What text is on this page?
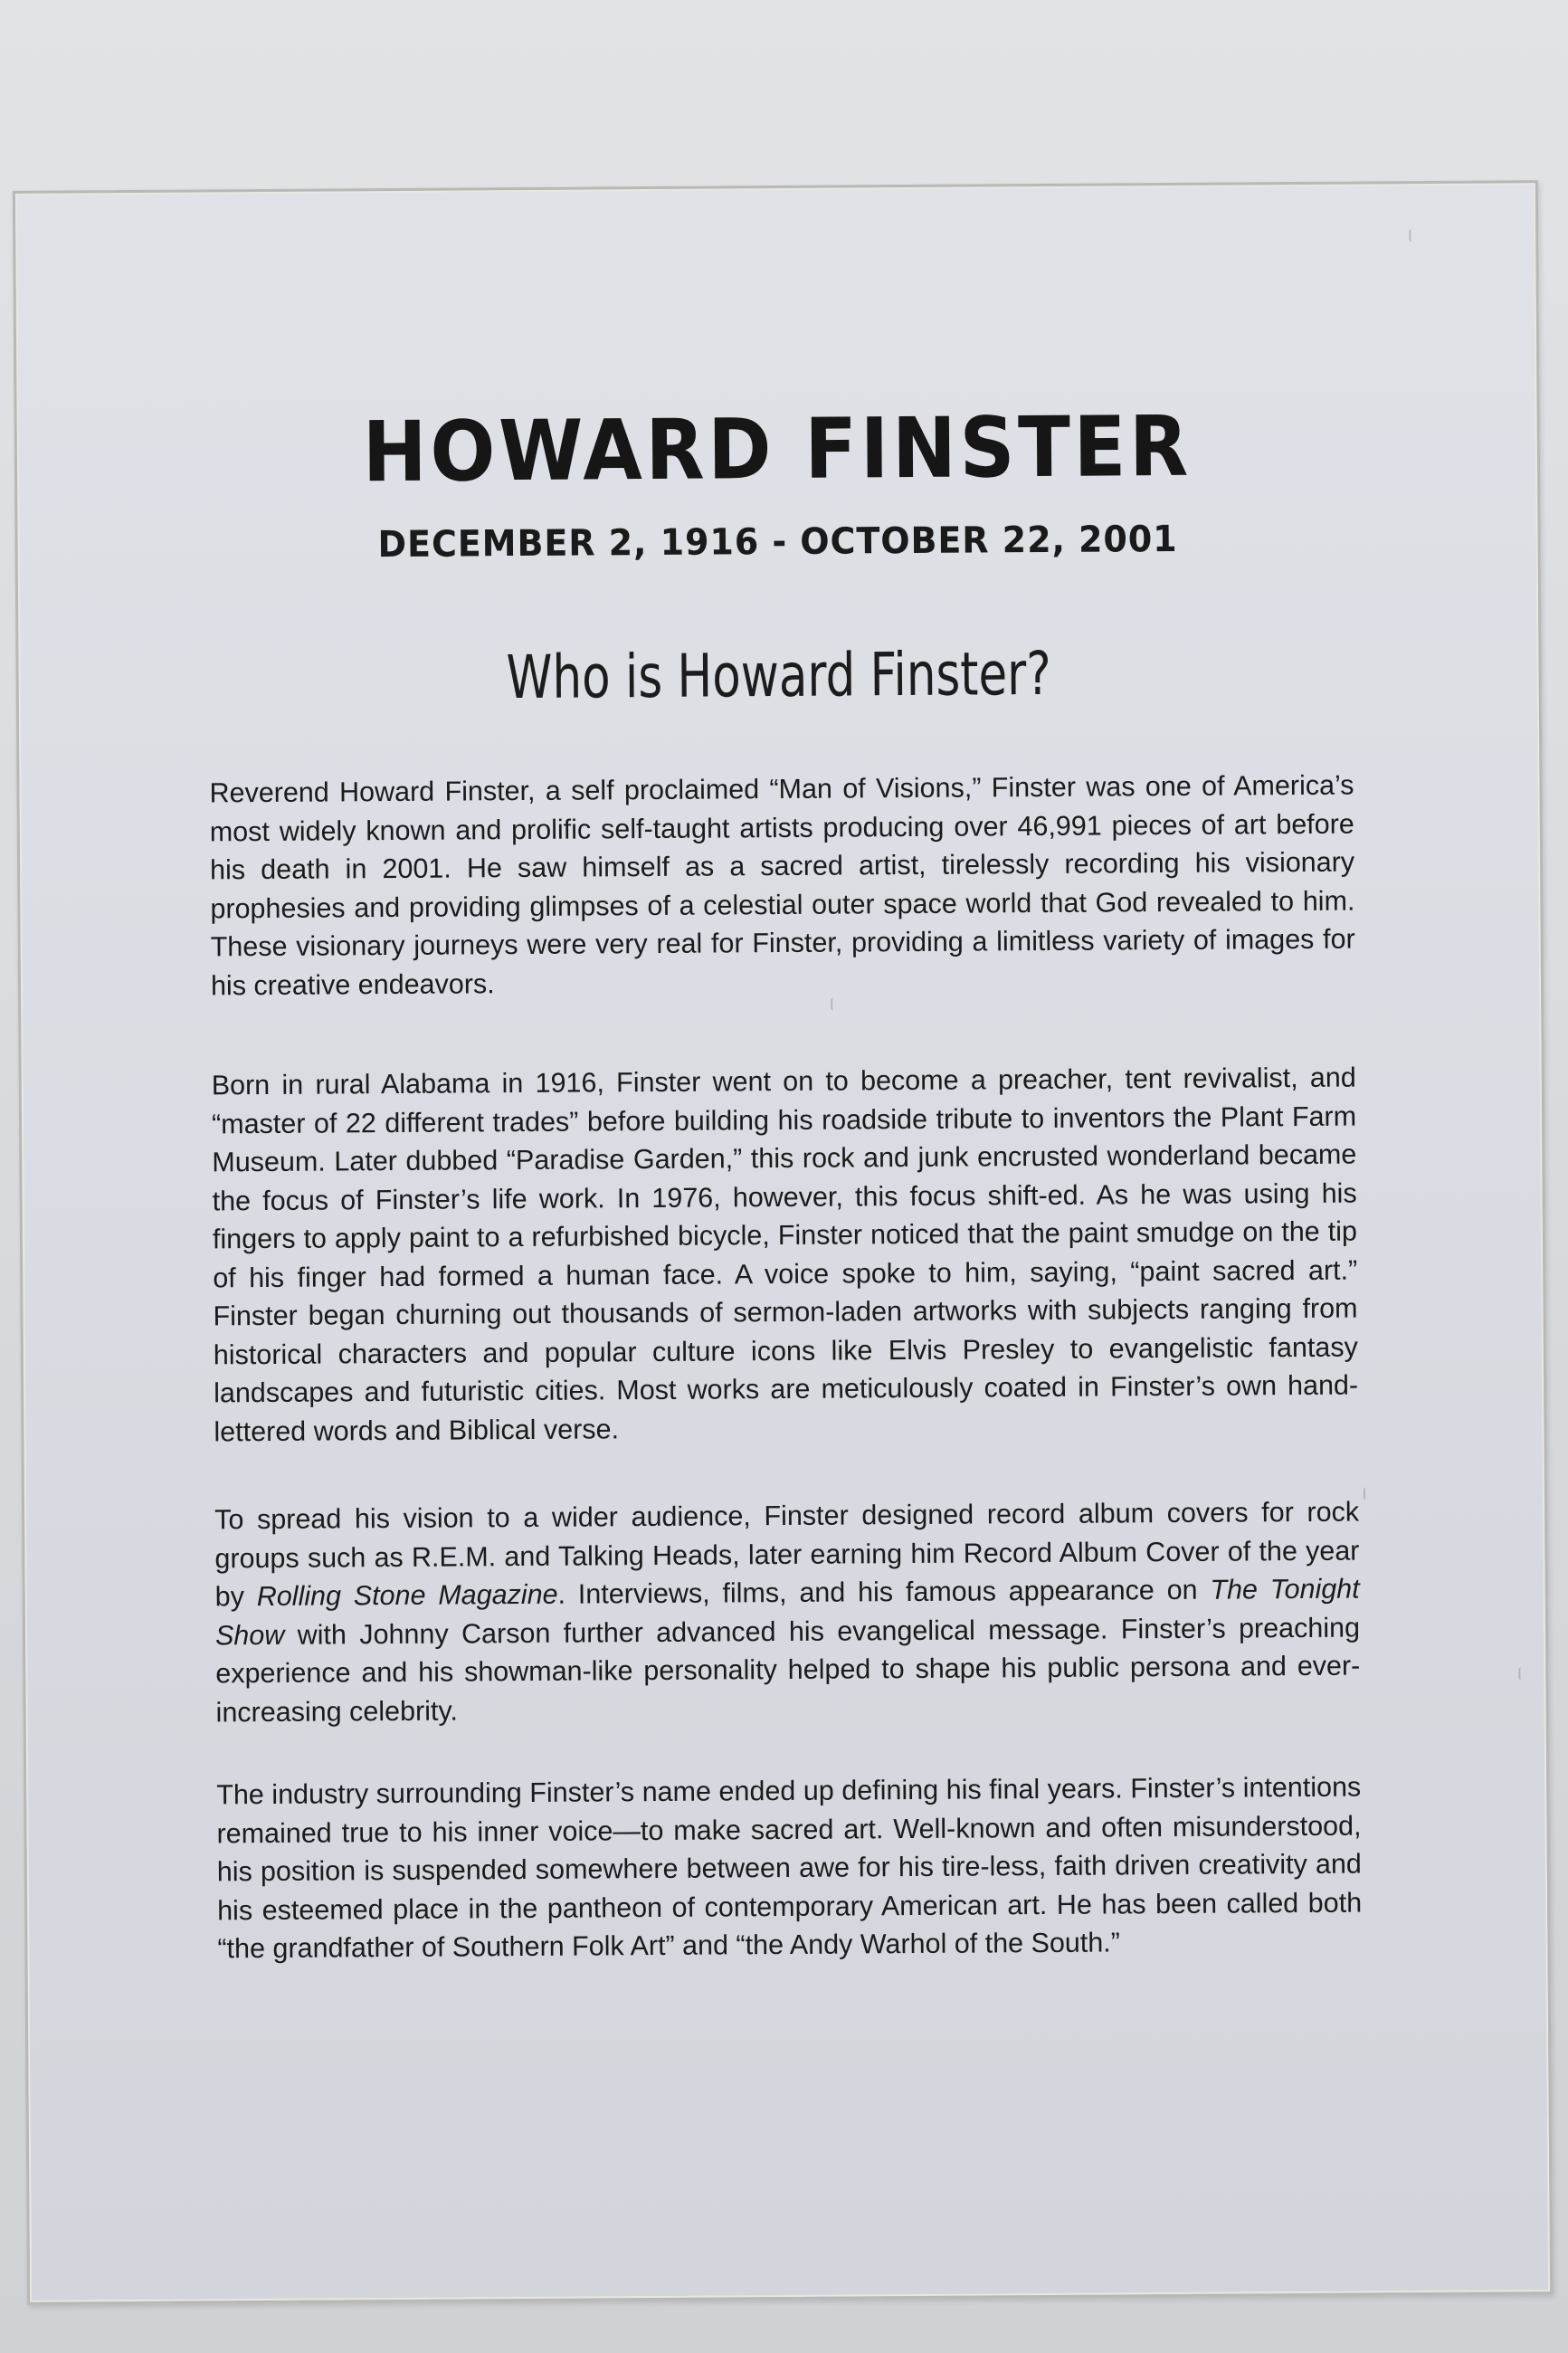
HOWARD FINSTER
DECEMBER 2, 1916 - OCTOBER 22, 2001
Who is Howard Finster?

Reverend Howard Finster, a self proclaimed “Man of Visions,” Finster was one of America’s most widely known and prolific self-taught artists producing over 46,991 pieces of art before his death in 2001. He saw himself as a sacred artist, tirelessly recording his visionary prophesies and providing glimpses of a celestial outer space world that God revealed to him. These visionary journeys were very real for Finster, providing a limitless variety of images for his creative endeavors.

Born in rural Alabama in 1916, Finster went on to become a preacher, tent revivalist, and “master of 22 different trades” before building his roadside tribute to inventors the Plant Farm Museum. Later dubbed “Paradise Garden,” this rock and junk encrusted wonderland became the focus of Finster’s life work. In 1976, however, this focus shift-ed. As he was using his fingers to apply paint to a refurbished bicycle, Finster noticed that the paint smudge on the tip of his finger had formed a human face. A voice spoke to him, saying, “paint sacred art.” Finster began churning out thousands of sermon-laden artworks with subjects ranging from historical characters and popular culture icons like Elvis Presley to evangelistic fantasy landscapes and futuristic cities. Most works are meticulously coated in Finster’s own hand-lettered words and Biblical verse.

To spread his vision to a wider audience, Finster designed record album covers for rock groups such as R.E.M. and Talking Heads, later earning him Record Album Cover of the year by Rolling Stone Magazine. Interviews, films, and his famous appearance on The Tonight Show with Johnny Carson further advanced his evangelical message. Finster’s preaching experience and his showman-like personality helped to shape his public persona and ever-increasing celebrity.

The industry surrounding Finster’s name ended up defining his final years. Finster’s intentions remained true to his inner voice—to make sacred art. Well-known and often misunderstood, his position is suspended somewhere between awe for his tire-less, faith driven creativity and his esteemed place in the pantheon of contemporary American art. He has been called both “the grandfather of Southern Folk Art” and “the Andy Warhol of the South.”
